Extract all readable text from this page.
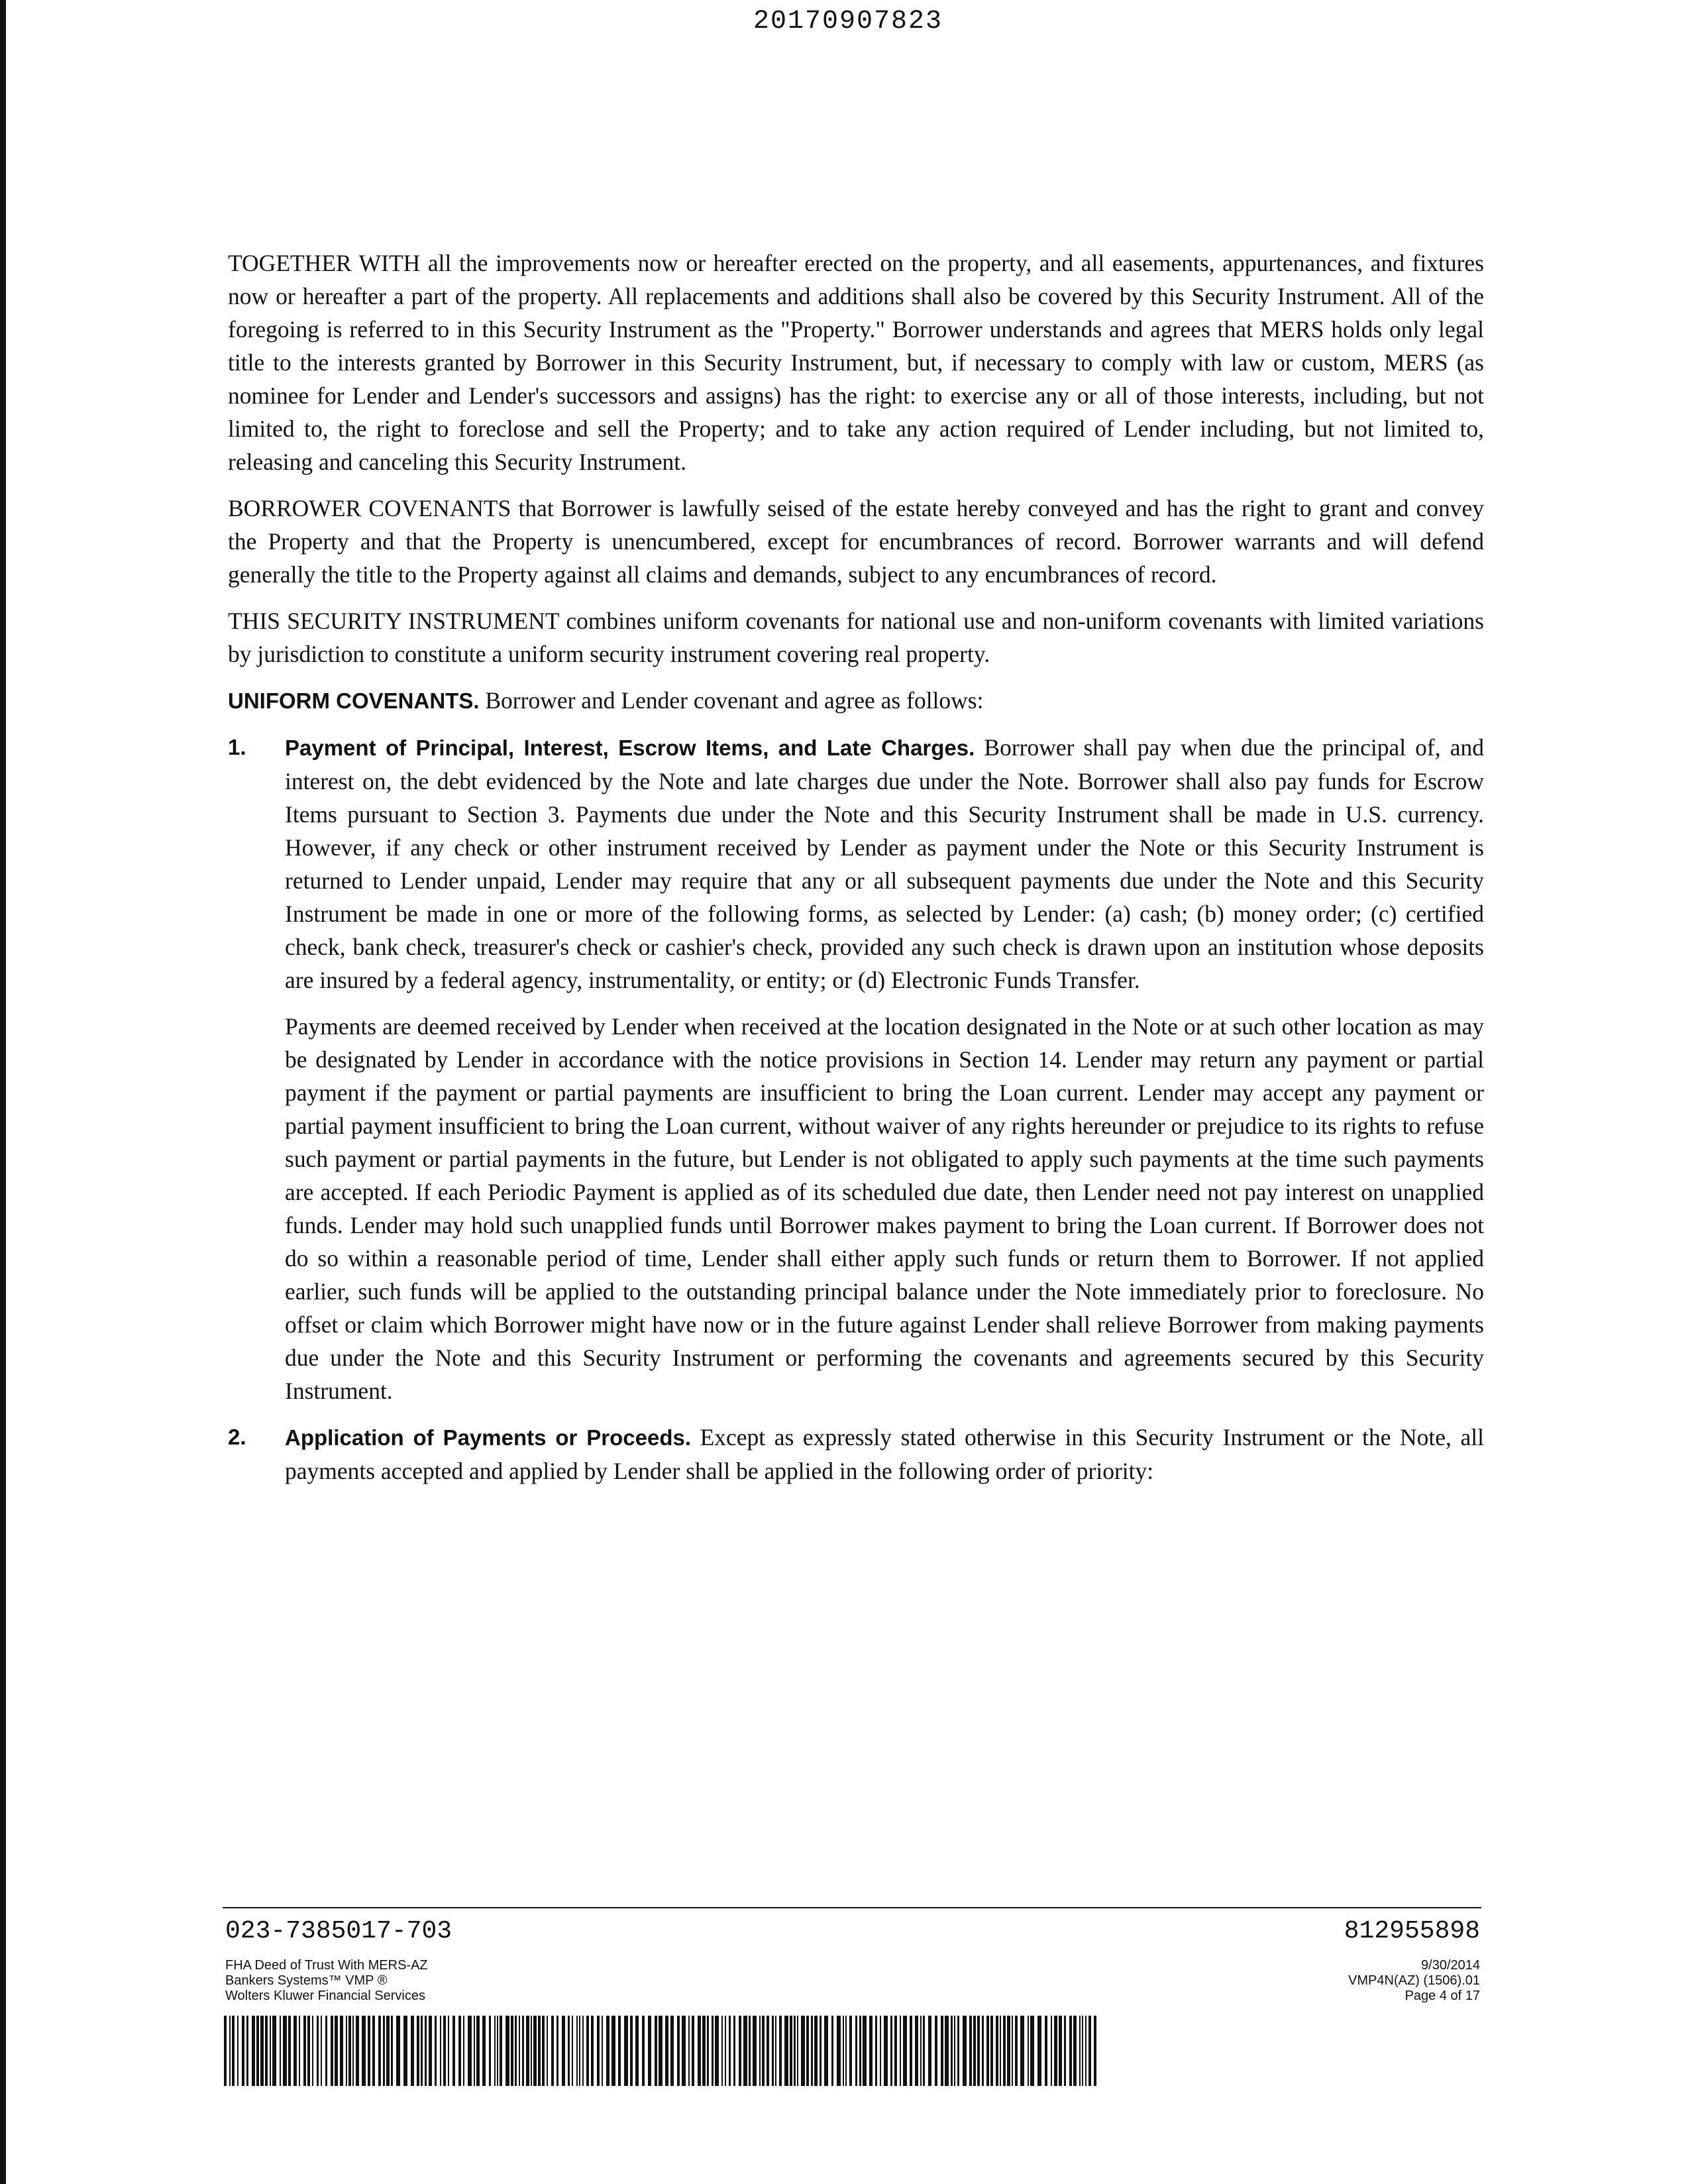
20170907823

TOGETHER WITH all the improvements now or hereafter erected on the property, and all easements, appurtenances, and fixtures now or hereafter a part of the property. All replacements and additions shall also be covered by this Security Instrument. All of the foregoing is referred to in this Security Instrument as the "Property." Borrower understands and agrees that MERS holds only legal title to the interests granted by Borrower in this Security Instrument, but, if necessary to comply with law or custom, MERS (as nominee for Lender and Lender's successors and assigns) has the right: to exercise any or all of those interests, including, but not limited to, the right to foreclose and sell the Property; and to take any action required of Lender including, but not limited to, releasing and canceling this Security Instrument.

BORROWER COVENANTS that Borrower is lawfully seised of the estate hereby conveyed and has the right to grant and convey the Property and that the Property is unencumbered, except for encumbrances of record. Borrower warrants and will defend generally the title to the Property against all claims and demands, subject to any encumbrances of record.

THIS SECURITY INSTRUMENT combines uniform covenants for national use and non-uniform covenants with limited variations by jurisdiction to constitute a uniform security instrument covering real property.

UNIFORM COVENANTS. Borrower and Lender covenant and agree as follows:

1. Payment of Principal, Interest, Escrow Items, and Late Charges. Borrower shall pay when due the principal of, and interest on, the debt evidenced by the Note and late charges due under the Note. Borrower shall also pay funds for Escrow Items pursuant to Section 3. Payments due under the Note and this Security Instrument shall be made in U.S. currency. However, if any check or other instrument received by Lender as payment under the Note or this Security Instrument is returned to Lender unpaid, Lender may require that any or all subsequent payments due under the Note and this Security Instrument be made in one or more of the following forms, as selected by Lender: (a) cash; (b) money order; (c) certified check, bank check, treasurer's check or cashier's check, provided any such check is drawn upon an institution whose deposits are insured by a federal agency, instrumentality, or entity; or (d) Electronic Funds Transfer.

Payments are deemed received by Lender when received at the location designated in the Note or at such other location as may be designated by Lender in accordance with the notice provisions in Section 14. Lender may return any payment or partial payment if the payment or partial payments are insufficient to bring the Loan current. Lender may accept any payment or partial payment insufficient to bring the Loan current, without waiver of any rights hereunder or prejudice to its rights to refuse such payment or partial payments in the future, but Lender is not obligated to apply such payments at the time such payments are accepted. If each Periodic Payment is applied as of its scheduled due date, then Lender need not pay interest on unapplied funds. Lender may hold such unapplied funds until Borrower makes payment to bring the Loan current. If Borrower does not do so within a reasonable period of time, Lender shall either apply such funds or return them to Borrower. If not applied earlier, such funds will be applied to the outstanding principal balance under the Note immediately prior to foreclosure. No offset or claim which Borrower might have now or in the future against Lender shall relieve Borrower from making payments due under the Note and this Security Instrument or performing the covenants and agreements secured by this Security Instrument.

2. Application of Payments or Proceeds. Except as expressly stated otherwise in this Security Instrument or the Note, all payments accepted and applied by Lender shall be applied in the following order of priority:
023-7385017-703	812955898
FHA Deed of Trust With MERS-AZ
Bankers Systems™ VMP ®
Wolters Kluwer Financial Services
9/30/2014
VMP4N(AZ) (1506).01
Page 4 of 17
